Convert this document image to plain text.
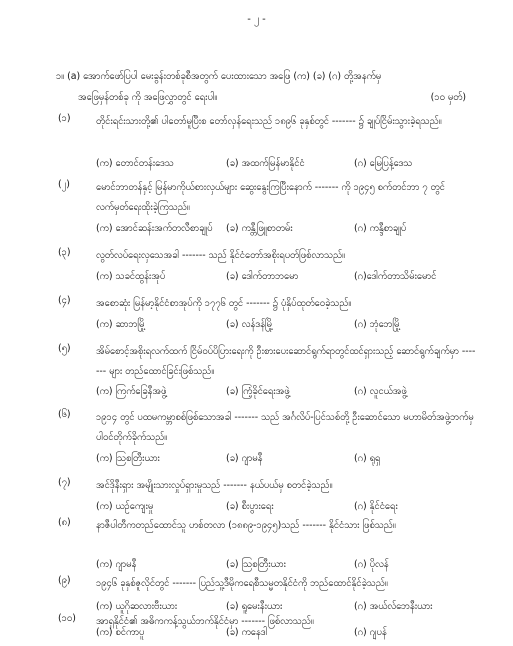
- ၂ -
၁။ (a) အောက်ဖော်ပြပါ မေးခွန်းတစ်ခုစီအတွက် ပေးထားသော အဖြေ (က) (ခ) (ဂ) တို့အနက်မှ
အဖြေမှန်တစ်ခု ကို အဖြေလွှာတွင် ရေးပါ။	(၁၀ မှတ်)
(၁)	တိုင်းရင်းသားတို့၏ ပါတော်မူပြီးစ တော်လှန်ရေးသည် ၁၈၉၆ ခုနှစ်တွင် ------- ၌ ချုပ်ငြိမ်းသွားခဲ့ရသည်။
(က) တောင်တန်းဒေသ	(ခ) အထက်မြန်မာနိုင်ငံ	(ဂ) မြေပြန့်ဒေသ
(၂)	မောင်ဘာတန်နှင့် မြန်မာကိုယ်စားလှယ်များ ဆွေးနွေးကြပြီးနောက် ------- ကို ၁၉၄၅ စက်တင်ဘာ ၇ တွင် လက်မှတ်ရေးထိုးခဲ့ကြသည်။
(က) အောင်ဆန်းအက်တလီစာချုပ် (ခ) ကန္တီဖြူစာတမ်း	(ဂ) ကန္ဒီစာချုပ်
(၃)	လွတ်လပ်ရေးလှသေအခါ ------- သည် နိုင်ငံတော်အစိုးရပတ်ဖြစ်လာသည်။
(က) သခင်ထွန်းအုပ်	(ခ) ဒေါက်တာဘမော	(ဂ)ဒေါက်တာသိမ်းမောင်
(၄)	အစောဆုံး မြန်မာ့နိုင်ငံစာအုပ်ကို ၁၇၇၆ တွင် ------- ၌ ပုံနှိပ်ထုတ်ဝေခဲ့သည်။
(က) ဆာဘမြို့	(ခ) လန်ဒန်မြို့	(ဂ) ဘုံဘေမြို့
(၅)	အိမ်စောင့်အစိုးရလက်ထက် ငြိမ်ဝပ်ပိပြားရေးကို ဦးစားပေးဆောင်ရွက်ရာတွင်ထင်ရှားသည့် ဆောင်ရွက်ချက်မှာ ------- များ တည်ထောင်ခြင်းဖြစ်သည်။
(က) ကြက်ခြေနီအဖွဲ့	(ခ) ကြံ့ခိုင်ရေးအဖွဲ့	(ဂ) လူငယ်အဖွဲ့
(၆)	၁၉၁၄ တွင် ပထမကမ္ဘာစစ်ဖြစ်သောအခါ ------- သည် အင်္ဂလိပ်-ပြင်သစ်တို့ ဦးဆောင်သော မဟာမိတ်အဖွဲ့ဘက်မှ ပါဝင်တိုက်ခိုက်သည်။
(က) ဩစတြီးယား	(ခ) ဂျာမနီ	(ဂ) ရုရှ
(၇)	အင်ဒိုနီးရှား အမျိုးသားလှုပ်ရှားမှုသည် ------- နယ်ပယ်မှ စတင်ခဲ့သည်။
(က) ယဉ်ကျေးမှု	(ခ) စီးပွားရေး	(ဂ) နိုင်ငံရေး
(၈)	နာဇီပါတီကတည်ထောင်သူ ဟစ်တလာ (၁၈၈၉-၁၉၄၅)သည် ------- နိုင်ငံသား ဖြစ်သည်။
(က) ဂျာမနီ	(ခ) ဩစတြီးယား	(ဂ) ပိုလန်
(၉)	၁၉၄၆ ခုနှစ်ဇူလိုင်တွင် ------- ပြည်သူ့ဒီမိုကရေစီသမ္မတနိုင်ငံကို ဘည်ထောင်နိုင်ခဲ့သည်။
(က) ယူဂိုဆလားဗီးယား	(ခ) ရူမေးနီးယား	(ဂ) အယ်လ်ဘေနီးယား
(၁၀) အာရှနိုင်ငံ၏ အဓိကကန့်သွယ်ဘက်နိုင်ငံမှာ ------- ဖြစ်လာသည်။
(က) စင်ကာပူ	(ခ) ကနေဒါ	(ဂ) ဂျပန်
